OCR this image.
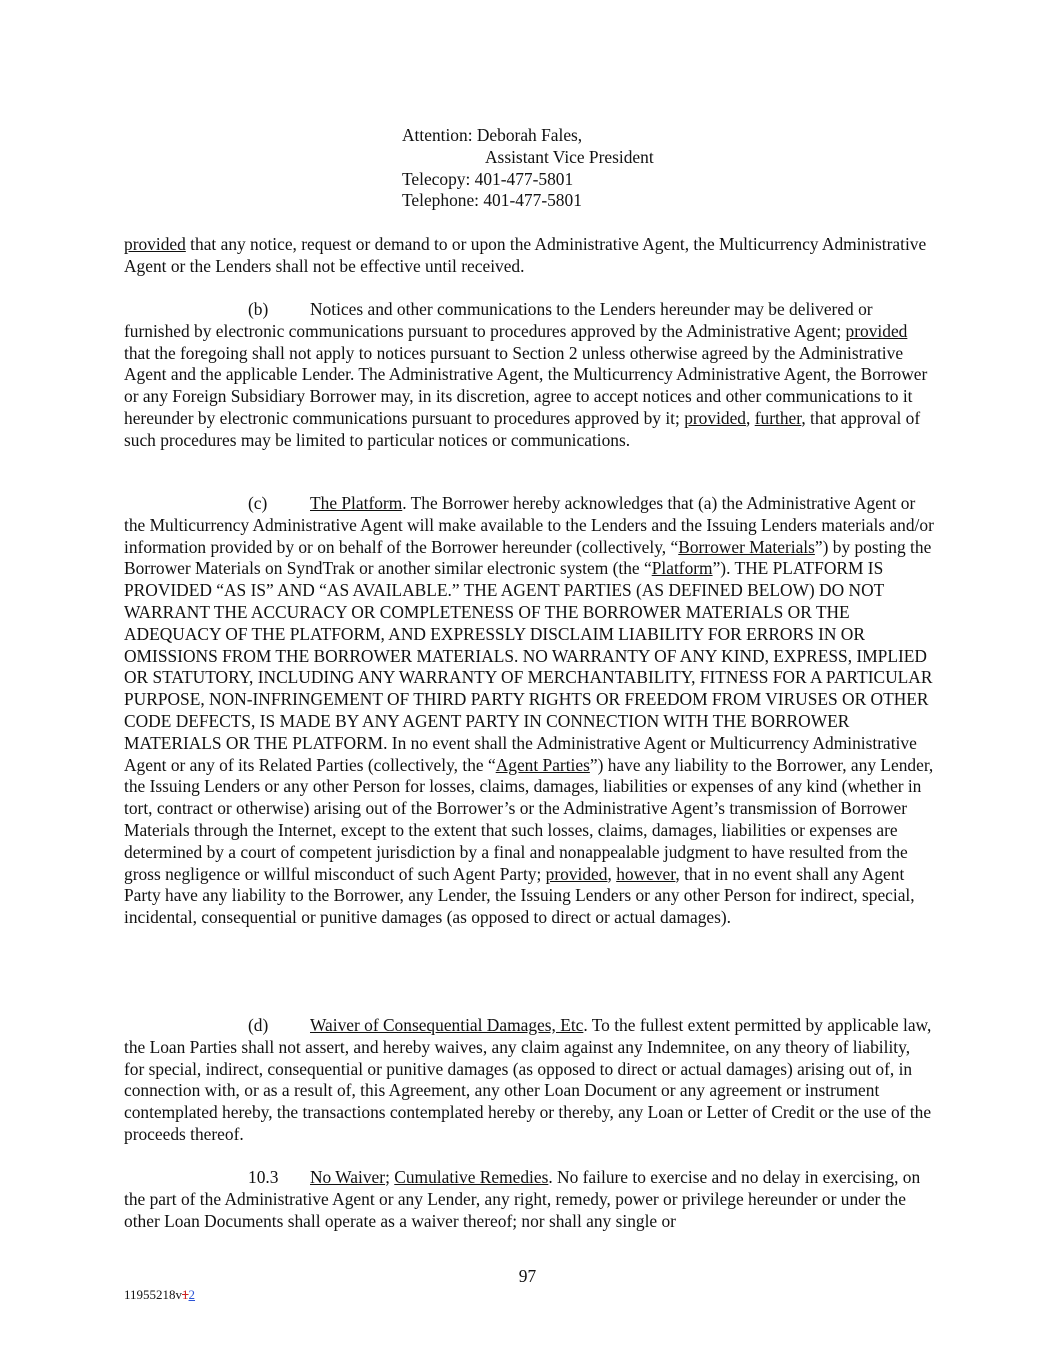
Attention: Deborah Fales,
Assistant Vice President
Telecopy: 401-477-5801
Telephone: 401-477-5801
provided that any notice, request or demand to or upon the Administrative Agent, the Multicurrency Administrative Agent or the Lenders shall not be effective until received.
(b) Notices and other communications to the Lenders hereunder may be delivered or furnished by electronic communications pursuant to procedures approved by the Administrative Agent; provided that the foregoing shall not apply to notices pursuant to Section 2 unless otherwise agreed by the Administrative Agent and the applicable Lender. The Administrative Agent, the Multicurrency Administrative Agent, the Borrower or any Foreign Subsidiary Borrower may, in its discretion, agree to accept notices and other communications to it hereunder by electronic communications pursuant to procedures approved by it; provided, further, that approval of such procedures may be limited to particular notices or communications.
(c) The Platform. The Borrower hereby acknowledges that (a) the Administrative Agent or the Multicurrency Administrative Agent will make available to the Lenders and the Issuing Lenders materials and/or information provided by or on behalf of the Borrower hereunder (collectively, “Borrower Materials”) by posting the Borrower Materials on SyndTrak or another similar electronic system (the “Platform”). THE PLATFORM IS PROVIDED “AS IS” AND “AS AVAILABLE.” THE AGENT PARTIES (AS DEFINED BELOW) DO NOT WARRANT THE ACCURACY OR COMPLETENESS OF THE BORROWER MATERIALS OR THE ADEQUACY OF THE PLATFORM, AND EXPRESSLY DISCLAIM LIABILITY FOR ERRORS IN OR OMISSIONS FROM THE BORROWER MATERIALS. NO WARRANTY OF ANY KIND, EXPRESS, IMPLIED OR STATUTORY, INCLUDING ANY WARRANTY OF MERCHANTABILITY, FITNESS FOR A PARTICULAR PURPOSE, NON-INFRINGEMENT OF THIRD PARTY RIGHTS OR FREEDOM FROM VIRUSES OR OTHER CODE DEFECTS, IS MADE BY ANY AGENT PARTY IN CONNECTION WITH THE BORROWER MATERIALS OR THE PLATFORM. In no event shall the Administrative Agent or Multicurrency Administrative Agent or any of its Related Parties (collectively, the “Agent Parties”) have any liability to the Borrower, any Lender, the Issuing Lenders or any other Person for losses, claims, damages, liabilities or expenses of any kind (whether in tort, contract or otherwise) arising out of the Borrower’s or the Administrative Agent’s transmission of Borrower Materials through the Internet, except to the extent that such losses, claims, damages, liabilities or expenses are determined by a court of competent jurisdiction by a final and nonappealable judgment to have resulted from the gross negligence or willful misconduct of such Agent Party; provided, however, that in no event shall any Agent Party have any liability to the Borrower, any Lender, the Issuing Lenders or any other Person for indirect, special, incidental, consequential or punitive damages (as opposed to direct or actual damages).
(d) Waiver of Consequential Damages, Etc. To the fullest extent permitted by applicable law, the Loan Parties shall not assert, and hereby waives, any claim against any Indemnitee, on any theory of liability, for special, indirect, consequential or punitive damages (as opposed to direct or actual damages) arising out of, in connection with, or as a result of, this Agreement, any other Loan Document or any agreement or instrument contemplated hereby, the transactions contemplated hereby or thereby, any Loan or Letter of Credit or the use of the proceeds thereof.
10.3 No Waiver; Cumulative Remedies. No failure to exercise and no delay in exercising, on the part of the Administrative Agent or any Lender, any right, remedy, power or privilege hereunder or under the other Loan Documents shall operate as a waiver thereof; nor shall any single or
97
11955218v12
